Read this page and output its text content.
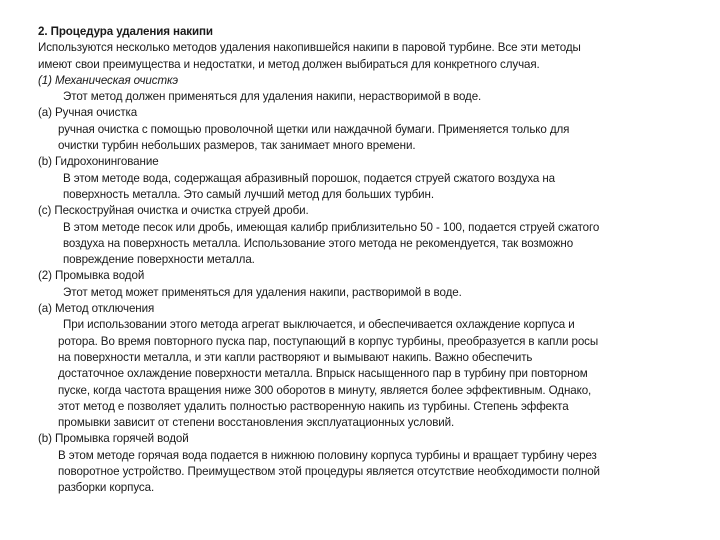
2. Процедура удаления накипи

Используются несколько методов удаления накопившейся накипи в паровой турбине. Все эти методы

имеют свои преимущества и недостатки, и метод должен выбираться для конкретного случая.

(1) Механическая очисткэ

Этот метод должен применяться для удаления накипи, нерастворимой в воде.

(a) Ручная очистка

ручная очистка с помощью проволочной щетки или наждачной бумаги. Применяется только для

очистки турбин небольших размеров, так занимает много времени.

(b) Гидрохонингование

В этом методе вода, содержащая абразивный порошок, подается струей сжатого воздуха на

поверхность металла. Это самый лучший метод для больших турбин.

(c) Пескоструйная очистка и очистка струей дроби.

В этом методе песок или дробь, имеющая калибр приблизительно 50 - 100, подается струей сжатого

воздуха на поверхность металла. Использование этого метода не рекомендуется, так возможно

повреждение поверхности металла.

(2) Промывка водой

Этот метод может применяться для удаления накипи, растворимой в воде.

(a) Метод отключения

При использовании этого метода агрегат выключается, и обеспечивается охлаждение корпуса и

ротора. Во время повторного пуска пар, поступающий в корпус турбины, преобразуется в капли росы

на поверхности металла, и эти капли растворяют и вымывают накипь. Важно обеспечить

достаточное охлаждение поверхности металла. Впрыск насыщенного пар в турбину при повторном

пуске, когда частота вращения ниже 300 оборотов в минуту, является более эффективным. Однако,

этот метод е позволяет удалить полностью растворенную накипь из турбины. Степень эффекта

промывки зависит от степени восстановления эксплуатационных условий.

(b) Промывка горячей водой

В этом методе горячая вода подается в нижнюю половину корпуса турбины и вращает турбину через

поворотное устройство. Преимуществом этой процедуры является отсутствие необходимости полной

разборки корпуса.
